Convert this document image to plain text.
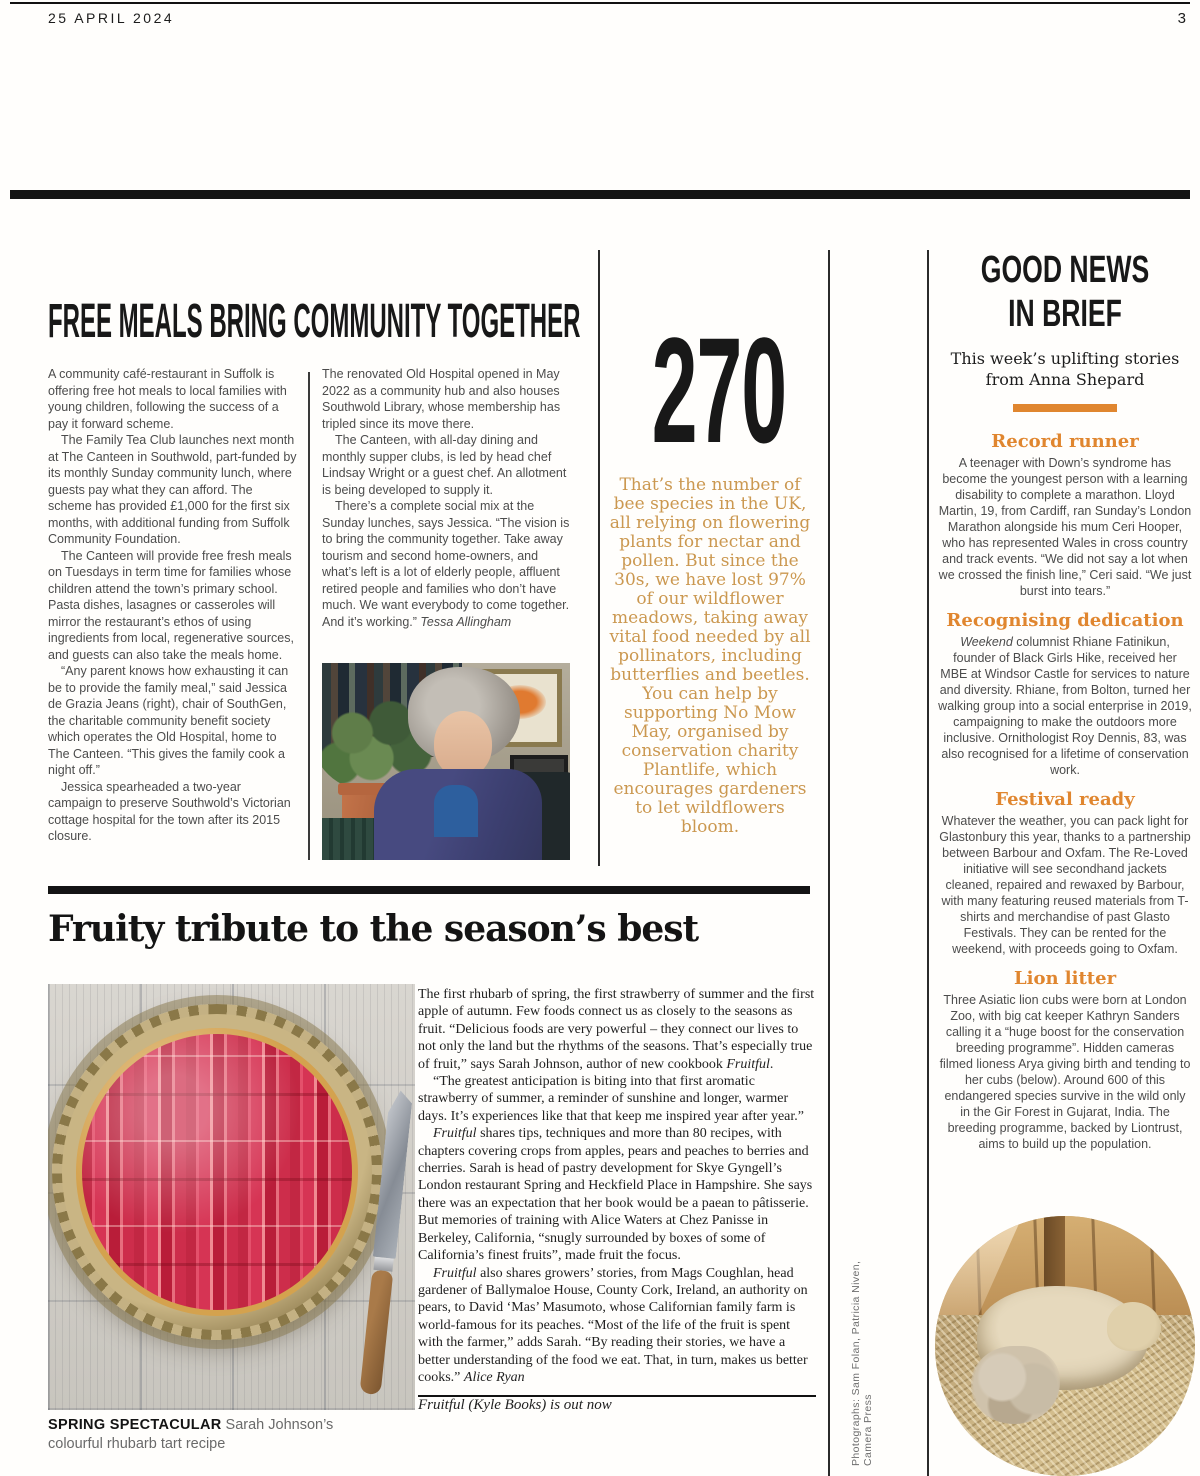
25 APRIL 2024	3
FREE MEALS BRING COMMUNITY TOGETHER

A community café-restaurant in Suffolk is offering free hot meals to local families with young children, following the success of a pay it forward scheme.

The Family Tea Club launches next month at The Canteen in Southwold, part-funded by its monthly Sunday community lunch, where guests pay what they can afford. The scheme has provided £1,000 for the first six months, with additional funding from Suffolk Community Foundation.

The Canteen will provide free fresh meals on Tuesdays in term time for families whose children attend the town’s primary school. Pasta dishes, lasagnes or casseroles will mirror the restaurant’s ethos of using ingredients from local, regenerative sources, and guests can also take the meals home.

“Any parent knows how exhausting it can be to provide the family meal,” said Jessica de Grazia Jeans (right), chair of SouthGen, the charitable community benefit society which operates the Old Hospital, home to The Canteen. “This gives the family cook a night off.”

Jessica spearheaded a two-year campaign to preserve Southwold’s Victorian cottage hospital for the town after its 2015 closure.

The renovated Old Hospital opened in May 2022 as a community hub and also houses Southwold Library, whose membership has tripled since its move there.

The Canteen, with all-day dining and monthly supper clubs, is led by head chef Lindsay Wright or a guest chef. An allotment is being developed to supply it.

There’s a complete social mix at the Sunday lunches, says Jessica. “The vision is to bring the community together. Take away tourism and second home-owners, and what’s left is a lot of elderly people, affluent retired people and families who don’t have much. We want everybody to come together. And it’s working.” Tessa Allingham

270
That’s the number of bee species in the UK, all relying on flowering plants for nectar and pollen. But since the 30s, we have lost 97% of our wildflower meadows, taking away vital food needed by all pollinators, including butterflies and beetles. You can help by supporting No Mow May, organised by conservation charity Plantlife, which encourages gardeners to let wildflowers bloom.
GOOD NEWS
IN BRIEF
This week’s uplifting stories from Anna Shepard
Record runner

A teenager with Down’s syndrome has become the youngest person with a learning disability to complete a marathon. Lloyd Martin, 19, from Cardiff, ran Sunday’s London Marathon alongside his mum Ceri Hooper, who has represented Wales in cross country and track events. “We did not say a lot when we crossed the finish line,” Ceri said. “We just burst into tears.”

Recognising dedication

Weekend columnist Rhiane Fatinikun, founder of Black Girls Hike, received her MBE at Windsor Castle for services to nature and diversity. Rhiane, from Bolton, turned her walking group into a social enterprise in 2019, campaigning to make the outdoors more inclusive. Ornithologist Roy Dennis, 83, was also recognised for a lifetime of conservation work.

Festival ready

Whatever the weather, you can pack light for Glastonbury this year, thanks to a partnership between Barbour and Oxfam. The Re-Loved initiative will see secondhand jackets cleaned, repaired and rewaxed by Barbour, with many featuring reused materials from T-shirts and merchandise of past Glasto Festivals. They can be rented for the weekend, with proceeds going to Oxfam.

Lion litter

Three Asiatic lion cubs were born at London Zoo, with big cat keeper Kathryn Sanders calling it a “huge boost for the conservation breeding programme”. Hidden cameras filmed lioness Arya giving birth and tending to her cubs (below). Around 600 of this endangered species survive in the wild only in the Gir Forest in Gujarat, India. The breeding programme, backed by Liontrust, aims to build up the population.

Fruity tribute to the season’s best
SPRING SPECTACULAR Sarah Johnson’s colourful rhubarb tart recipe

The first rhubarb of spring, the first strawberry of summer and the first apple of autumn. Few foods connect us as closely to the seasons as fruit. “Delicious foods are very powerful – they connect our lives to not only the land but the rhythms of the seasons. That’s especially true of fruit,” says Sarah Johnson, author of new cookbook Fruitful.

“The greatest anticipation is biting into that first aromatic strawberry of summer, a reminder of sunshine and longer, warmer days. It’s experiences like that that keep me inspired year after year.”

Fruitful shares tips, techniques and more than 80 recipes, with chapters covering crops from apples, pears and peaches to berries and cherries. Sarah is head of pastry development for Skye Gyngell’s London restaurant Spring and Heckfield Place in Hampshire. She says there was an expectation that her book would be a paean to pâtisserie. But memories of training with Alice Waters at Chez Panisse in Berkeley, California, “snugly surrounded by boxes of some of California’s finest fruits”, made fruit the focus.

Fruitful also shares growers’ stories, from Mags Coughlan, head gardener of Ballymaloe House, County Cork, Ireland, an authority on pears, to David ‘Mas’ Masumoto, whose Californian family farm is world-famous for its peaches. “Most of the life of the fruit is spent with the farmer,” adds Sarah. “By reading their stories, we have a better understanding of the food we eat. That, in turn, makes us better cooks.” Alice Ryan

Fruitful (Kyle Books) is out now	Photographs: Sam Folan, Patricia Niven, Camera Press
